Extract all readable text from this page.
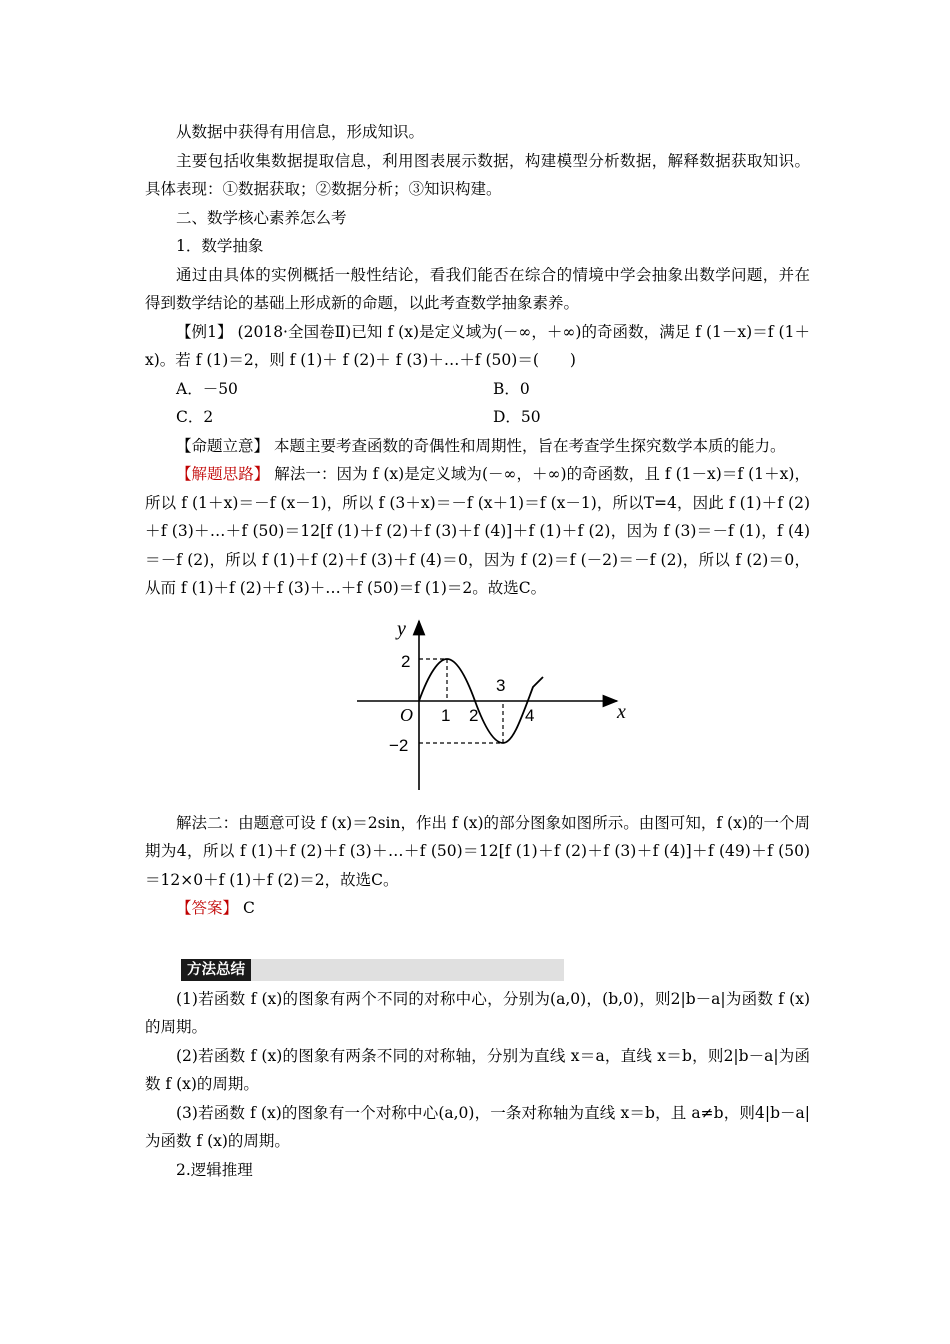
从数据中获得有用信息，形成知识。

主要包括收集数据提取信息，利用图表展示数据，构建模型分析数据，解释数据获取知识。具体表现：①数据获取；②数据分析；③知识构建。

二、数学核心素养怎么考

1．数学抽象

通过由具体的实例概括一般性结论，看我们能否在综合的情境中学会抽象出数学问题，并在得到数学结论的基础上形成新的命题，以此考查数学抽象素养。

【例1】 (2018·全国卷Ⅱ)已知 f (x)是定义域为(－∞，＋∞)的奇函数，满足 f (1－x)＝f (1＋x)。若 f (1)＝2，则 f (1)＋ f (2)＋ f (3)＋…＋f (50)＝(　　)

A．－50	B．0
C．2	D．50

【命题立意】 本题主要考查函数的奇偶性和周期性，旨在考查学生探究数学本质的能力。

【解题思路】 解法一：因为 f (x)是定义域为(－∞，＋∞)的奇函数，且 f (1－x)＝f (1＋x)，所以 f (1＋x)＝－f (x－1)，所以 f (3＋x)＝－f (x＋1)＝f (x－1)，所以T=4，因此 f (1)＋f (2)＋f (3)＋…＋f (50)＝12[f (1)＋f (2)＋f (3)＋f (4)]＋f (1)＋f (2)，因为 f (3)＝－f (1)，f (4)＝－f (2)，所以 f (1)＋f (2)＋f (3)＋f (4)＝0，因为 f (2)＝f (－2)＝－f (2)，所以 f (2)＝0，从而 f (1)＋f (2)＋f (3)＋…＋f (50)＝f (1)＝2。故选C。

y
x
O
2
−2
1 2
3
4

解法二：由题意可设 f (x)＝2sin，作出 f (x)的部分图象如图所示。由图可知，f (x)的一个周期为4，所以 f (1)＋f (2)＋f (3)＋…＋f (50)＝12[f (1)＋f (2)＋f (3)＋f (4)]＋f (49)＋f (50)＝12×0＋f (1)＋f (2)＝2，故选C。

【答案】 C

方法总结

(1)若函数 f (x)的图象有两个不同的对称中心，分别为(a,0)，(b,0)，则2|b－a|为函数 f (x)的周期。

(2)若函数 f (x)的图象有两条不同的对称轴，分别为直线 x＝a，直线 x＝b，则2|b－a|为函数 f (x)的周期。

(3)若函数 f (x)的图象有一个对称中心(a,0)，一条对称轴为直线 x＝b，且 a≠b，则4|b－a|为函数 f (x)的周期。

2.逻辑推理
